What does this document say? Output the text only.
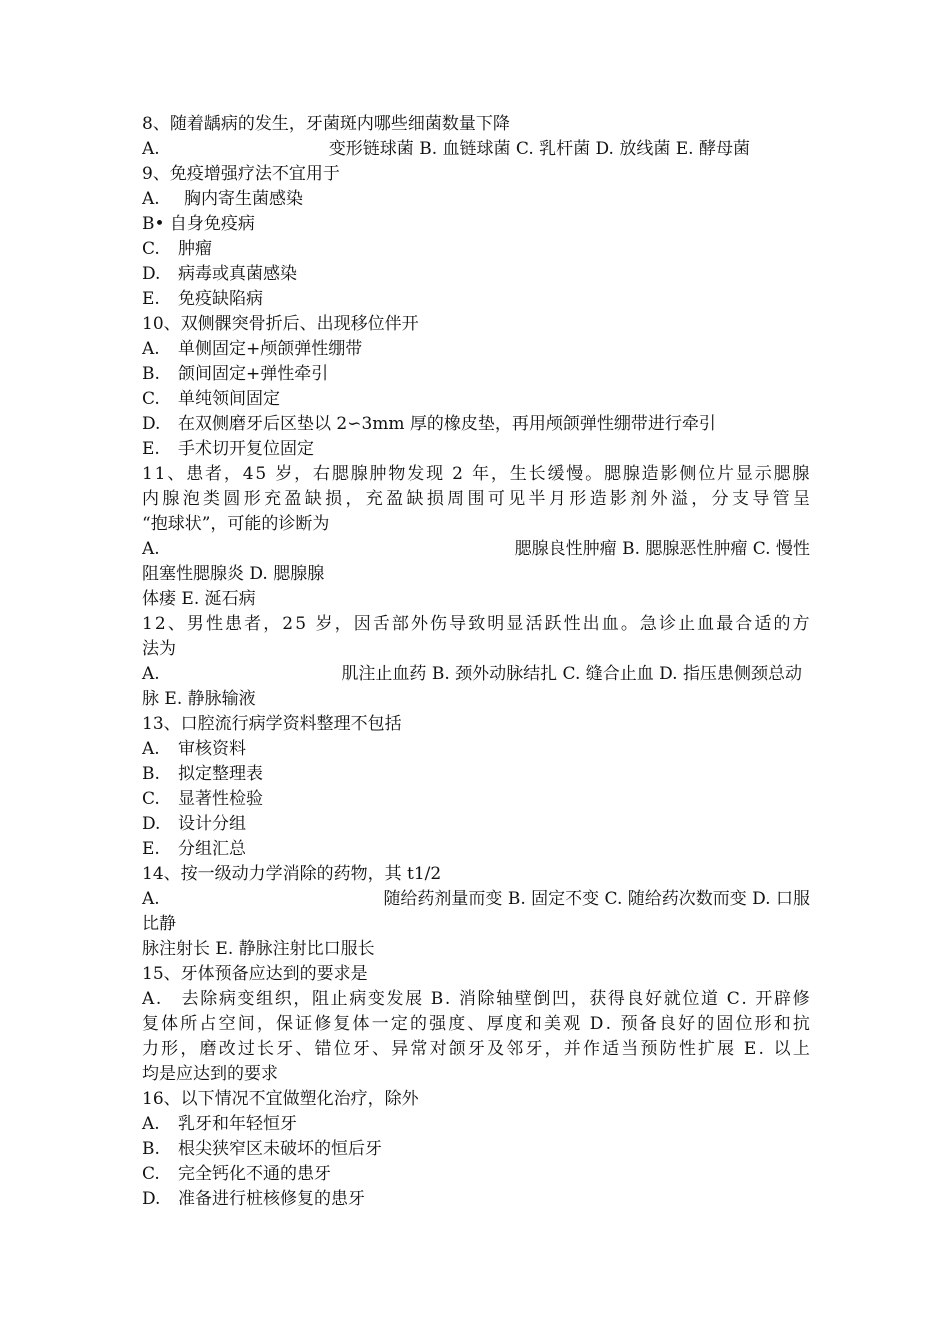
8、随着龋病的发生，牙菌斑内哪些细菌数量下降
A.	变形链球菌 B. 血链球菌 C. 乳杆菌 D. 放线菌 E. 酵母菌
9、免疫增强疗法不宜用于
A.	胸内寄生菌感染
B• 自身免疫病
C.	肿瘤
D.	病毒或真菌感染
E.	免疫缺陷病
10、双侧髁突骨折后、出现移位伴开
A.	单侧固定+颅颌弹性绷带
B.	颌间固定+弹性牵引
C.	单纯领间固定
D.	在双侧磨牙后区垫以 2∽3mm 厚的橡皮垫，再用颅颌弹性绷带进行牵引
E.	手术切开复位固定
1 1 、 患 者 ， 4 5
岁 ， 右 腮 腺 肿 物 发 现
2
年 ， 生 长 缓 慢 。 腮 腺 造 影 侧 位 片 显 示 腮 腺
内 腺 泡 类 圆 形 充 盈 缺 损 ， 充 盈 缺 损 周 围 可 见 半 月 形 造 影 剂 外 溢 ， 分 支 导 管 呈
“抱球状”，可能的诊断为
A.	腮腺良性肿瘤 B. 腮腺恶性肿瘤 C. 慢性
阻塞性腮腺炎 D. 腮腺腺
体瘘 E. 涎石病
1 2 、 男 性 患 者 ， 2 5
岁 ， 因 舌 部 外 伤 导 致 明 显 活 跃 性 出 血 。 急 诊 止 血 最 合 适 的 方
法为
A.	肌注止血药 B. 颈外动脉结扎 C. 缝合止血 D. 指压患侧颈总动
脉 E. 静脉输液
13、口腔流行病学资料整理不包括
A.	审核资料
B.	拟定整理表
C.	显著性检验
D.	设计分组
E.	分组汇总
14、按一级动力学消除的药物，其 t1/2
A.	随给药剂量而变 B. 固定不变 C. 随给药次数而变 D. 口服
比静
脉注射长 E. 静脉注射比口服长
15、牙体预备应达到的要求是
A .
　 去 除 病 变 组 织 ， 阻 止 病 变 发 展
B .
消 除 轴 壁 倒 凹 ， 获 得 良 好 就 位 道
C .
开 辟 修
复 体 所 占 空 间 ， 保 证 修 复 体 一 定 的 强 度 、 厚 度 和 美 观
D .
预 备 良 好 的 固 位 形 和 抗
力 形 ， 磨 改 过 长 牙 、 错 位 牙 、 异 常 对 颌 牙 及 邻 牙 ， 并 作 适 当 预 防 性 扩 展
E .
以 上
均是应达到的要求
16、以下情况不宜做塑化治疗，除外
A.	乳牙和年轻恒牙
B.	根尖狭窄区未破坏的恒后牙
C.	完全钙化不通的患牙
D.	准备进行桩核修复的患牙
